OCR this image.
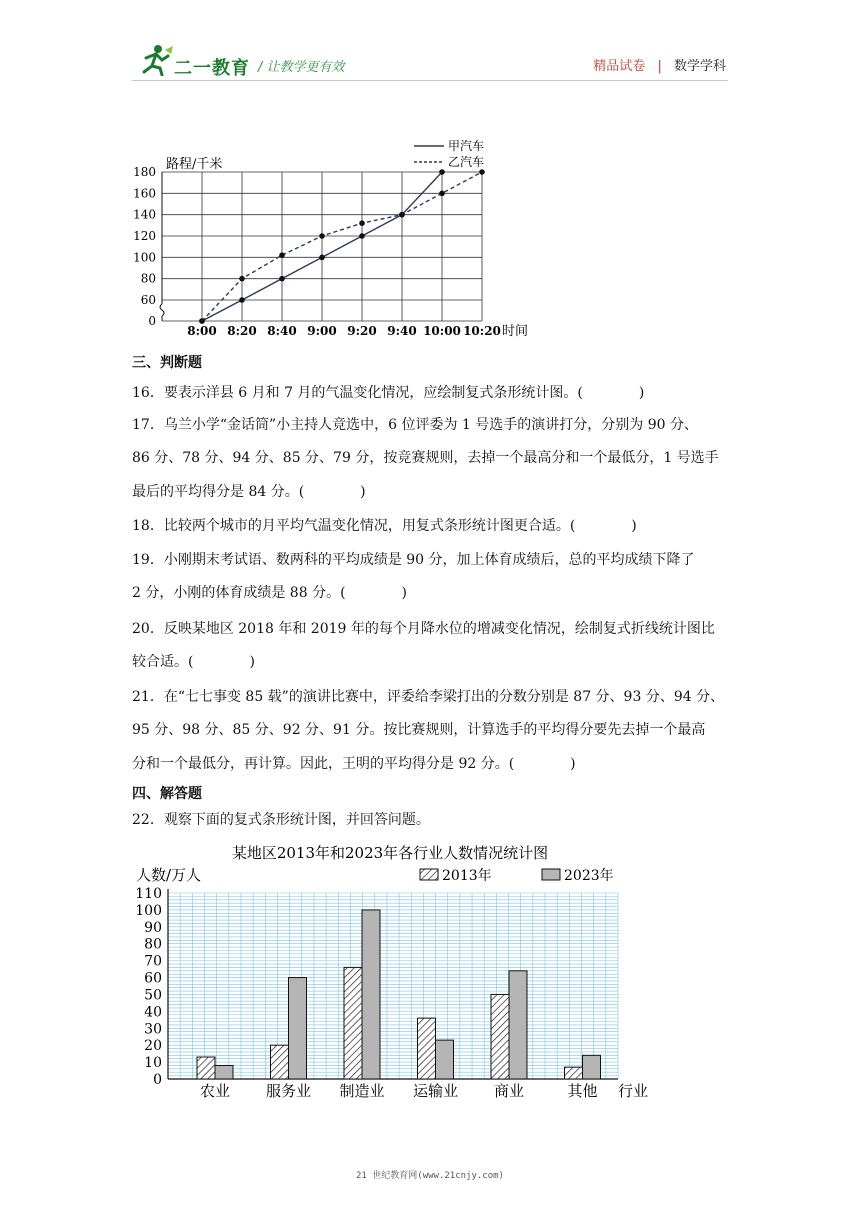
二一教育 / 让教学更有效	精品试卷 | 数学学科
0
60
80
100
120
140
160
180
8:00 8:20 8:40 9:00 9:20 9:40 10:00 10:20
甲汽车
乙汽车
路程/千米
时间
三、判断题
16．要表示洋县 6 月和 7 月的气温变化情况，应绘制复式条形统计图。(　　　　)
17．乌兰小学“金话筒”小主持人竞选中，6 位评委为 1 号选手的演讲打分，分别为 90 分、
86 分、78 分、94 分、85 分、79 分，按竞赛规则，去掉一个最高分和一个最低分，1 号选手
最后的平均得分是 84 分。(　　　　)
18．比较两个城市的月平均气温变化情况，用复式条形统计图更合适。(　　　　)
19．小刚期末考试语、数两科的平均成绩是 90 分，加上体育成绩后，总的平均成绩下降了
2 分，小刚的体育成绩是 88 分。(　　　　)
20．反映某地区 2018 年和 2019 年的每个月降水位的增减变化情况，绘制复式折线统计图比
较合适。(　　　　)
21．在“七七事变 85 载”的演讲比赛中，评委给李梁打出的分数分别是 87 分、93 分、94 分、
95 分、98 分、85 分、92 分、91 分。按比赛规则，计算选手的平均得分要先去掉一个最高
分和一个最低分，再计算。因此，王明的平均得分是 92 分。(　　　　)
四、解答题
22．观察下面的复式条形统计图，并回答问题。
某地区2013年和2023年各行业人数情况统计图
人数/万人	2013年	2023年
0
10
20
30
40
50
60
70
80
90
100
110
农业 服务业 制造业 运输业 商业	其他 行业
21 世纪教育网(www.21cnjy.com)
